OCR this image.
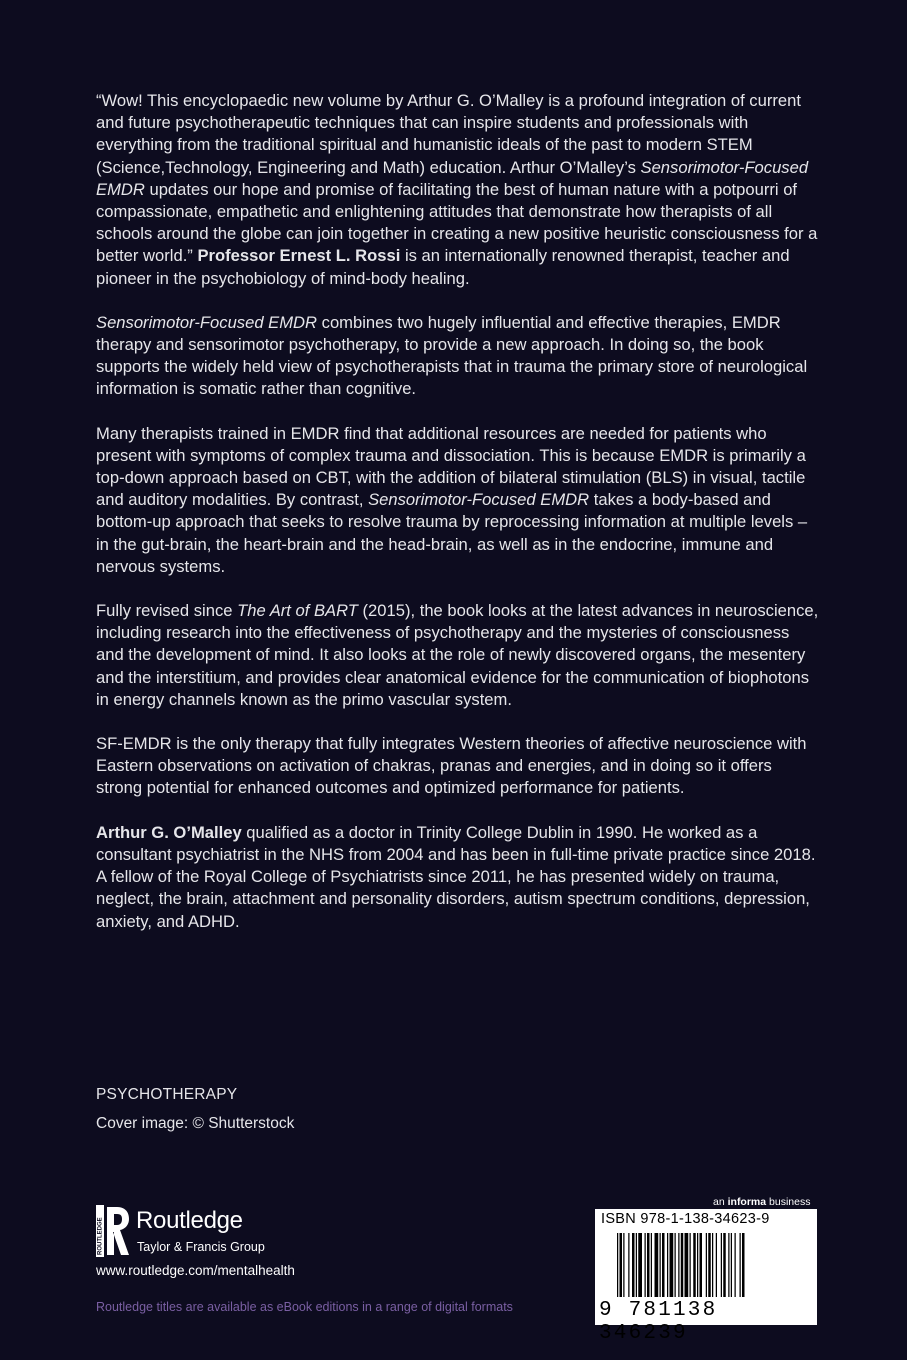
“Wow! This encyclopaedic new volume by Arthur G. O’Malley is a profound integration of current and future psychotherapeutic techniques that can inspire students and professionals with everything from the traditional spiritual and humanistic ideals of the past to modern STEM (Science,Technology, Engineering and Math) education. Arthur O’Malley’s Sensorimotor-Focused EMDR updates our hope and promise of facilitating the best of human nature with a potpourri of compassionate, empathetic and enlightening attitudes that demonstrate how therapists of all schools around the globe can join together in creating a new positive heuristic consciousness for a better world.” Professor Ernest L. Rossi is an internationally renowned therapist, teacher and pioneer in the psychobiology of mind-body healing.

Sensorimotor-Focused EMDR combines two hugely influential and effective therapies, EMDR therapy and sensorimotor psychotherapy, to provide a new approach. In doing so, the book supports the widely held view of psychotherapists that in trauma the primary store of neurological information is somatic rather than cognitive.

Many therapists trained in EMDR find that additional resources are needed for patients who present with symptoms of complex trauma and dissociation. This is because EMDR is primarily a top-down approach based on CBT, with the addition of bilateral stimulation (BLS) in visual, tactile and auditory modalities. By contrast, Sensorimotor-Focused EMDR takes a body-based and bottom-up approach that seeks to resolve trauma by reprocessing information at multiple levels – in the gut-brain, the heart-brain and the head-brain, as well as in the endocrine, immune and nervous systems.

Fully revised since The Art of BART (2015), the book looks at the latest advances in neuroscience, including research into the effectiveness of psychotherapy and the mysteries of consciousness and the development of mind. It also looks at the role of newly discovered organs, the mesentery and the interstitium, and provides clear anatomical evidence for the communication of biophotons in energy channels known as the primo vascular system.

SF-EMDR is the only therapy that fully integrates Western theories of affective neuroscience with Eastern observations on activation of chakras, pranas and energies, and in doing so it offers strong potential for enhanced outcomes and optimized performance for patients.

Arthur G. O’Malley qualified as a doctor in Trinity College Dublin in 1990. He worked as a consultant psychiatrist in the NHS from 2004 and has been in full-time private practice since 2018. A fellow of the Royal College of Psychiatrists since 2011, he has presented widely on trauma, neglect, the brain, attachment and personality disorders, autism spectrum conditions, depression, anxiety, and ADHD.

PSYCHOTHERAPY
Cover image: © Shutterstock
ROUTLEDGE Routledge
Taylor & Francis Group
www.routledge.com/mentalhealth
Routledge titles are available as eBook editions in a range of digital formats
an informa business
ISBN 978-1-138-34623-9
9 781138 346239
